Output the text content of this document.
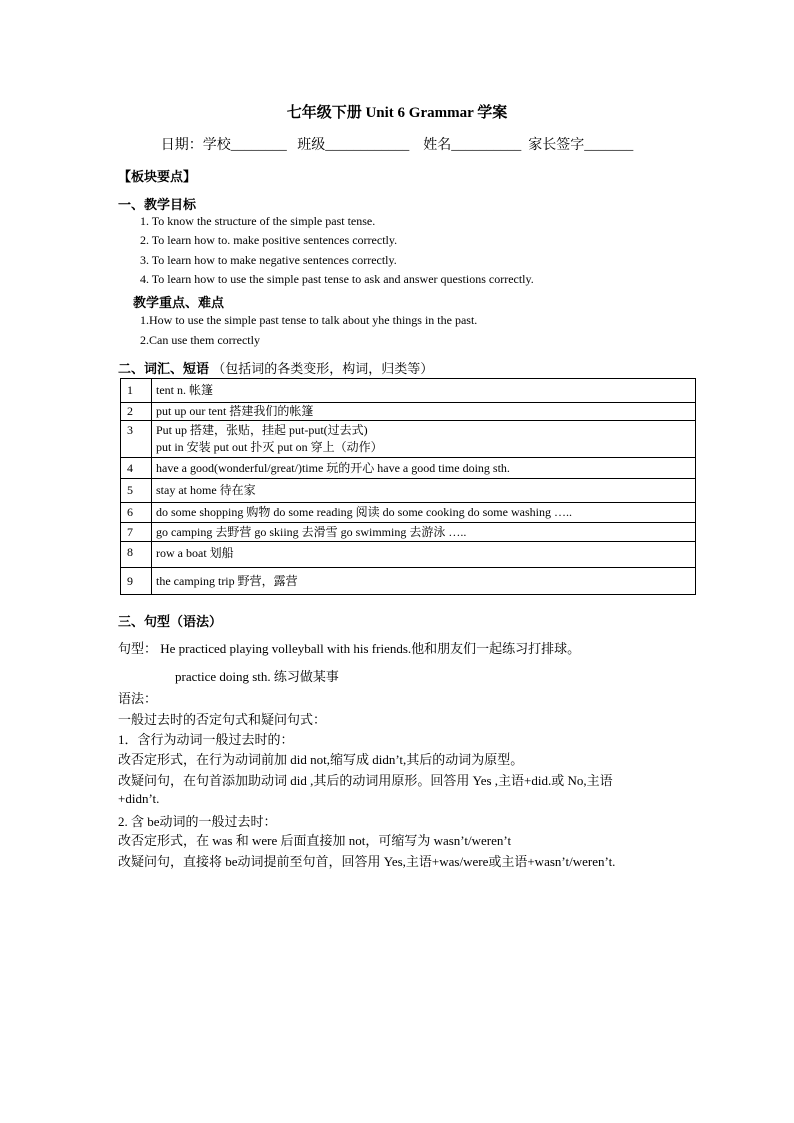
七年级下册 Unit 6 Grammar 学案
日期：学校________   班级____________    姓名__________  家长签字_______
【板块要点】
一、教学目标
1. To know the structure of the simple past tense.
2. To learn how to. make positive sentences correctly.
3. To learn how to make negative sentences correctly.
4. To learn how to use the simple past tense to ask and answer questions correctly.
教学重点、难点
1.How to use the simple past tense to talk about yhe things in the past.
2.Can use them correctly
二、词汇、短语 （包括词的各类变形，构词，归类等）
1	tent n. 帐篷

2	put up our tent 搭建我们的帐篷

3	Put up 搭建，张贴，挂起 put-put(过去式)
put in 安装 put out 扑灭 put on 穿上（动作）

4	have a good(wonderful/great/)time 玩的开心 have a good time doing sth.

5	stay at home 待在家

6	do some shopping 购物 do some reading 阅读 do some cooking do some washing …..

7	go camping 去野营 go skiing 去滑雪 go swimming 去游泳 …..

8	row a boat 划船

9	the camping trip 野营，露营
三、句型（语法）
句型： He practiced playing volleyball with his friends.他和朋友们一起练习打排球。
practice doing sth. 练习做某事
语法：
一般过去时的否定句式和疑问句式：
1．含行为动词一般过去时的：
改否定形式，在行为动词前加 did not,缩写成 didn’t,其后的动词为原型。
改疑问句，在句首添加助动词 did ,其后的动词用原形。回答用 Yes ,主语+did.或 No,主语
+didn’t.
2. 含 be动词的一般过去时：
改否定形式，在 was 和 were 后面直接加 not，可缩写为 wasn’t/weren’t
改疑问句，直接将 be动词提前至句首，回答用 Yes,主语+was/were或主语+wasn’t/weren’t.
